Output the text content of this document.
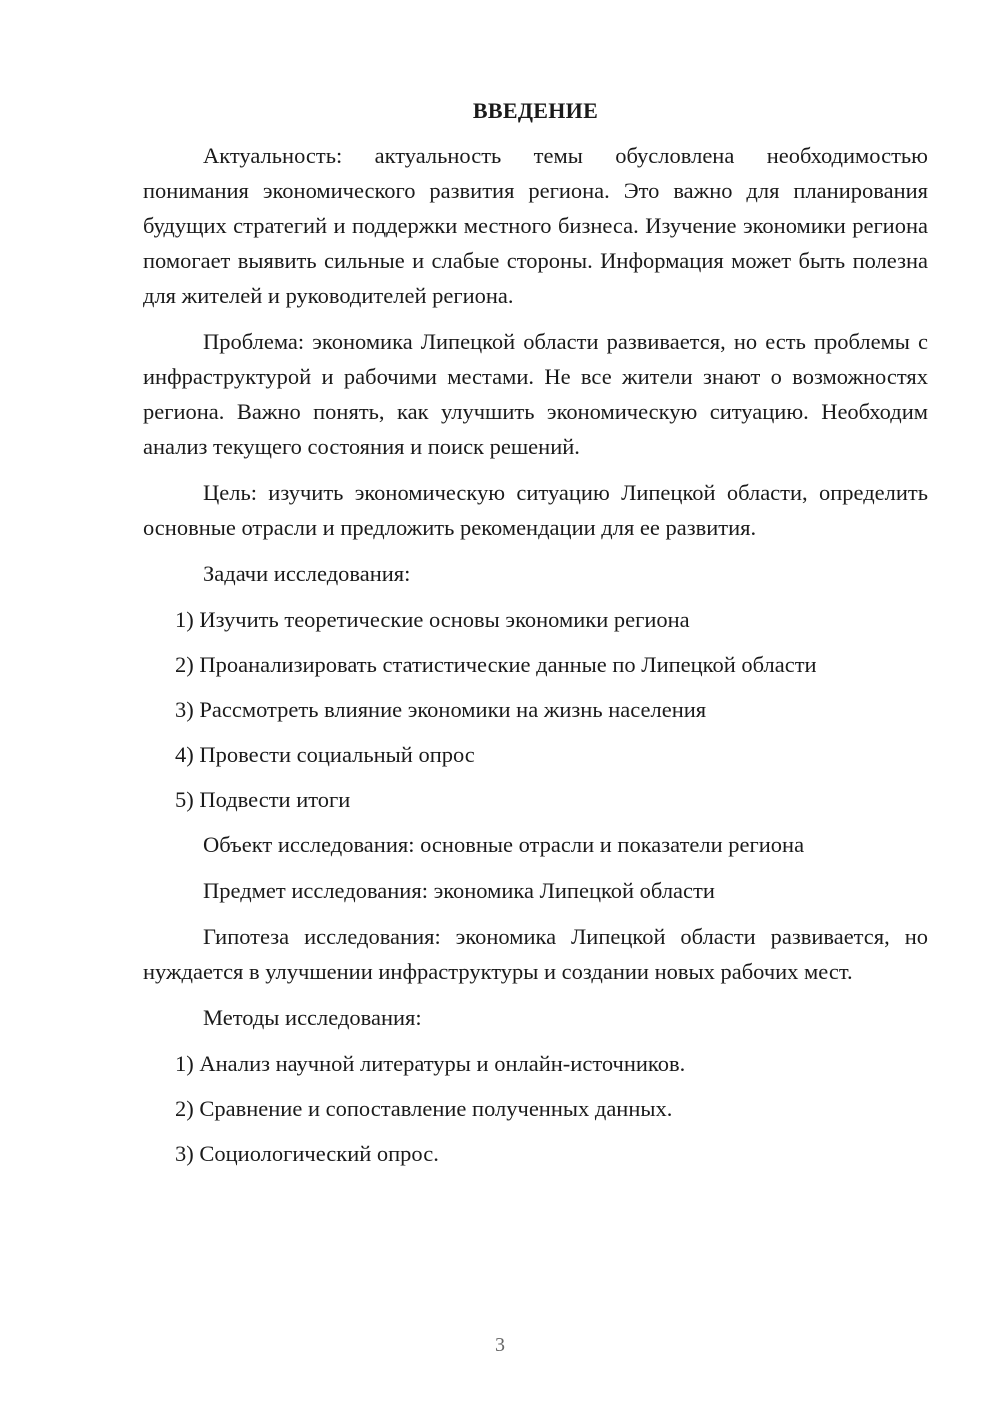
ВВЕДЕНИЕ

Актуальность: актуальность темы обусловлена необходимостью понимания экономического развития региона. Это важно для планирования будущих стратегий и поддержки местного бизнеса. Изучение экономики региона помогает выявить сильные и слабые стороны. Информация может быть полезна для жителей и руководителей региона.

Проблема: экономика Липецкой области развивается, но есть проблемы с инфраструктурой и рабочими местами. Не все жители знают о возможностях региона. Важно понять, как улучшить экономическую ситуацию. Необходим анализ текущего состояния и поиск решений.

Цель: изучить экономическую ситуацию Липецкой области, определить основные отрасли и предложить рекомендации для ее развития.

Задачи исследования:

1) Изучить теоретические основы экономики региона

2) Проанализировать статистические данные по Липецкой области

3) Рассмотреть влияние экономики на жизнь населения

4) Провести социальный опрос

5) Подвести итоги

Объект исследования: основные отрасли и показатели региона

Предмет исследования: экономика Липецкой области

Гипотеза исследования: экономика Липецкой области развивается, но нуждается в улучшении инфраструктуры и создании новых рабочих мест.

Методы исследования:

1) Анализ научной литературы и онлайн-источников.

2) Сравнение и сопоставление полученных данных.

3) Социологический опрос.

3
